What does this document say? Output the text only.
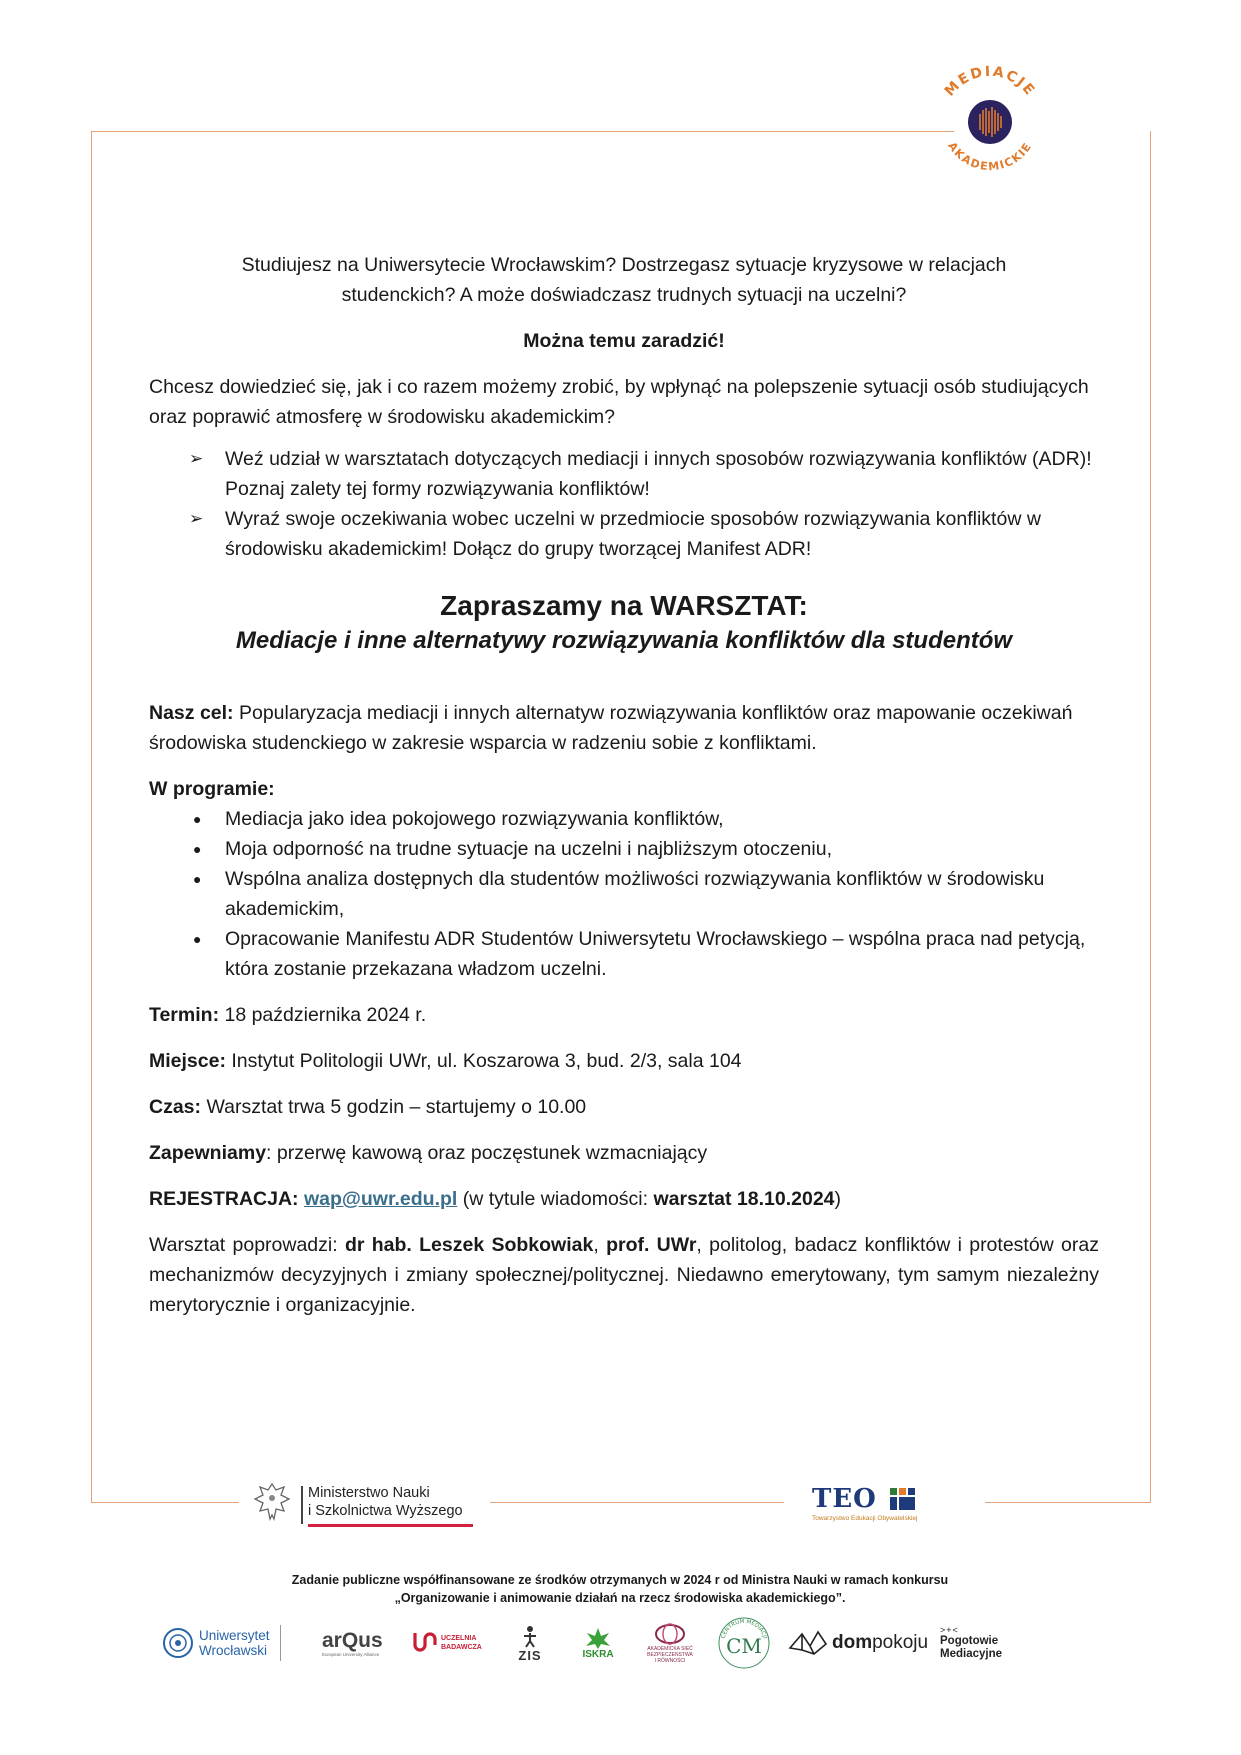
MEDIACJE
AKADEMICKIE

Studiujesz na Uniwersytecie Wrocławskim? Dostrzegasz sytuacje kryzysowe w relacjach studenckich? A może doświadczasz trudnych sytuacji na uczelni?

Można temu zaradzić!

Chcesz dowiedzieć się, jak i co razem możemy zrobić, by wpłynąć na polepszenie sytuacji osób studiujących oraz poprawić atmosferę w środowisku akademickim?

➢ Weź udział w warsztatach dotyczących mediacji i innych sposobów rozwiązywania konfliktów (ADR)! Poznaj zalety tej formy rozwiązywania konfliktów!
➢ Wyraź swoje oczekiwania wobec uczelni w przedmiocie sposobów rozwiązywania konfliktów w środowisku akademickim! Dołącz do grupy tworzącej Manifest ADR!
Zapraszamy na WARSZTAT:
Mediacje i inne alternatywy rozwiązywania konfliktów dla studentów

Nasz cel: Popularyzacja mediacji i innych alternatyw rozwiązywania konfliktów oraz mapowanie oczekiwań środowiska studenckiego w zakresie wsparcia w radzeniu sobie z konfliktami.

W programie:

● Mediacja jako idea pokojowego rozwiązywania konfliktów,
● Moja odporność na trudne sytuacje na uczelni i najbliższym otoczeniu,
● Wspólna analiza dostępnych dla studentów możliwości rozwiązywania konfliktów w środowisku akademickim,
● Opracowanie Manifestu ADR Studentów Uniwersytetu Wrocławskiego – wspólna praca nad petycją, która zostanie przekazana władzom uczelni.

Termin: 18 października 2024 r.

Miejsce: Instytut Politologii UWr, ul. Koszarowa 3, bud. 2/3, sala 104

Czas: Warsztat trwa 5 godzin – startujemy o 10.00

Zapewniamy: przerwę kawową oraz poczęstunek wzmacniający

REJESTRACJA: wap@uwr.edu.pl (w tytule wiadomości: warsztat 18.10.2024)

Warsztat poprowadzi: dr hab. Leszek Sobkowiak, prof. UWr, politolog, badacz konfliktów i protestów oraz mechanizmów decyzyjnych i zmiany społecznej/politycznej. Niedawno emerytowany, tym samym niezależny merytorycznie i organizacyjnie.

Ministerstwo Nauki
i Szkolnictwa Wyższego	TEO
Towarzystwo Edukacji Obywatelskiej
Zadanie publiczne współfinansowane ze środków otrzymanych w 2024 r od Ministra Nauki w ramach konkursu
„Organizowanie i animowanie działań na rzecz środowiska akademickiego”.
Uniwersytet
Wrocławski	arQus
European University Alliance
UCZELNIA
BADAWCZA	ZIS	ISKRA	AKADEMICKA SIEĆ
BEZPIECZEŃSTWA
I RÓWNOŚCI
CENTRUM MEDIACJI
CM	dompokoju
>+<
Pogotowie
Mediacyjne
